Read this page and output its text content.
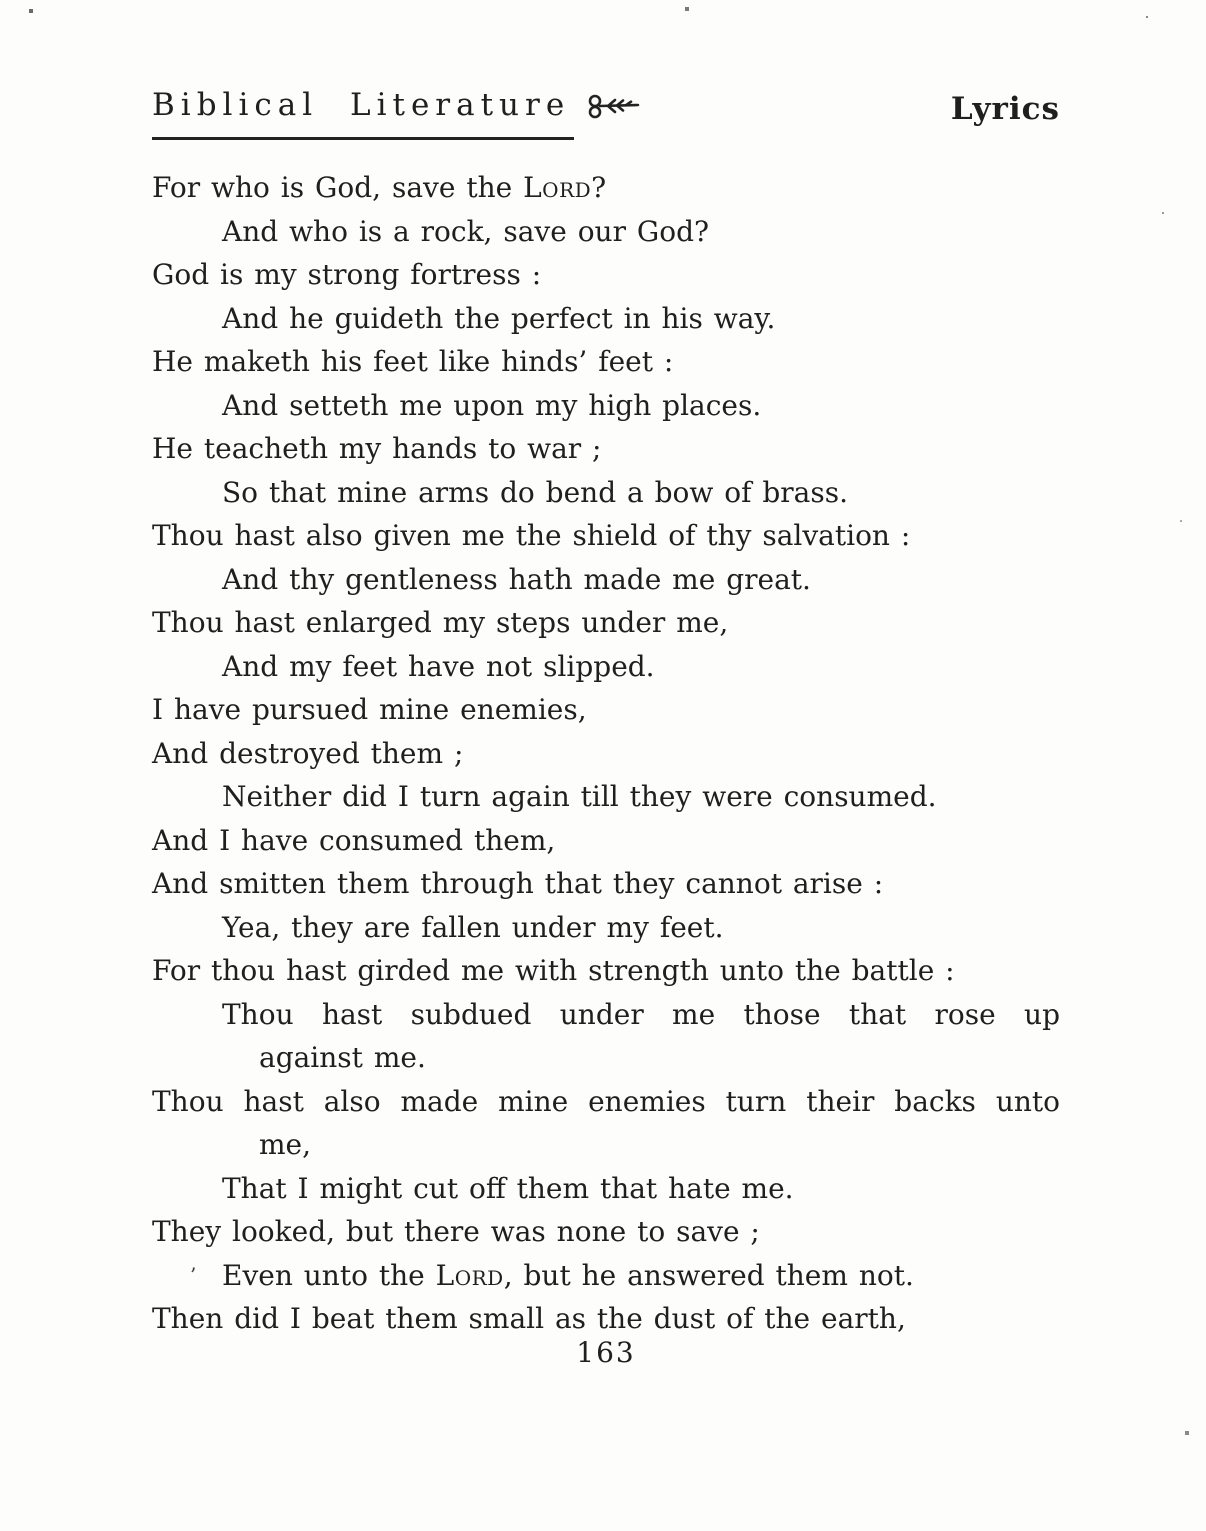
Biblical Literature	Lyrics
For who is God, save the Lord?
And who is a rock, save our God?
God is my strong fortress :
And he guideth the perfect in his way.
He maketh his feet like hinds’ feet :
And setteth me upon my high places.
He teacheth my hands to war ;
So that mine arms do bend a bow of brass.
Thou hast also given me the shield of thy salvation :
And thy gentleness hath made me great.
Thou hast enlarged my steps under me,
And my feet have not slipped.
I have pursued mine enemies,
And destroyed them ;
Neither did I turn again till they were consumed.
And I have consumed them,
And smitten them through that they cannot arise :
Yea, they are fallen under my feet.
For thou hast girded me with strength unto the battle :
Thou hast subdued under me those that rose up
against me.
Thou hast also made mine enemies turn their backs unto
me,
That I might cut off them that hate me.
They looked, but there was none to save ;
’ Even unto the Lord, but he answered them not.
Then did I beat them small as the dust of the earth,
163
